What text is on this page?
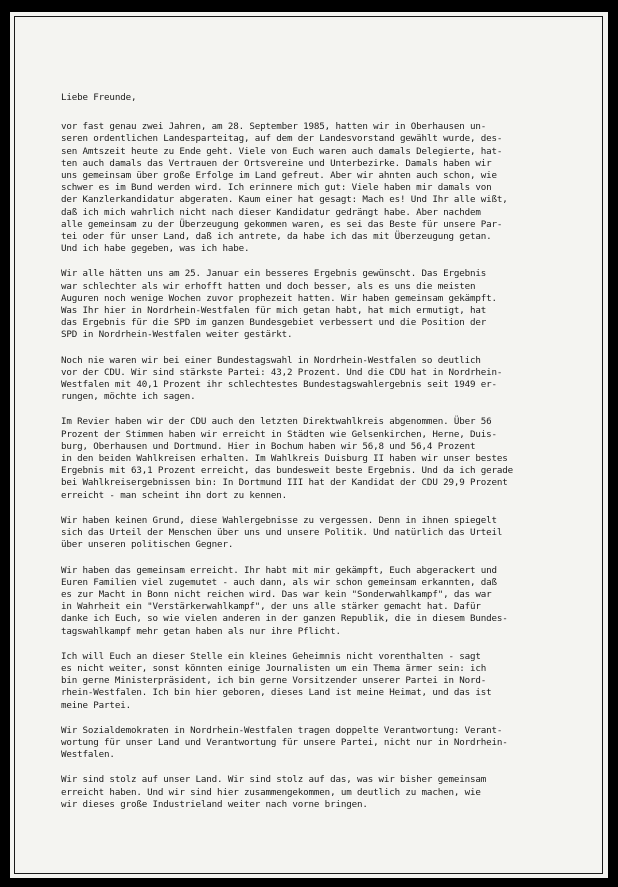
Liebe Freunde,
vor fast genau zwei Jahren, am 28. September 1985, hatten wir in Oberhausen un-
seren ordentlichen Landesparteitag, auf dem der Landesvorstand gewählt wurde, des-
sen Amtszeit heute zu Ende geht. Viele von Euch waren auch damals Delegierte, hat-
ten auch damals das Vertrauen der Ortsvereine und Unterbezirke. Damals haben wir
uns gemeinsam über große Erfolge im Land gefreut. Aber wir ahnten auch schon, wie
schwer es im Bund werden wird. Ich erinnere mich gut: Viele haben mir damals von
der Kanzlerkandidatur abgeraten. Kaum einer hat gesagt: Mach es! Und Ihr alle wißt,
daß ich mich wahrlich nicht nach dieser Kandidatur gedrängt habe. Aber nachdem
alle gemeinsam zu der Überzeugung gekommen waren, es sei das Beste für unsere Par-
tei oder für unser Land, daß ich antrete, da habe ich das mit Überzeugung getan.
Und ich habe gegeben, was ich habe.
Wir alle hätten uns am 25. Januar ein besseres Ergebnis gewünscht. Das Ergebnis
war schlechter als wir erhofft hatten und doch besser, als es uns die meisten
Auguren noch wenige Wochen zuvor prophezeit hatten. Wir haben gemeinsam gekämpft.
Was Ihr hier in Nordrhein-Westfalen für mich getan habt, hat mich ermutigt, hat
das Ergebnis für die SPD im ganzen Bundesgebiet verbessert und die Position der
SPD in Nordrhein-Westfalen weiter gestärkt.
Noch nie waren wir bei einer Bundestagswahl in Nordrhein-Westfalen so deutlich
vor der CDU. Wir sind stärkste Partei: 43,2 Prozent. Und die CDU hat in Nordrhein-
Westfalen mit 40,1 Prozent ihr schlechtestes Bundestagswahlergebnis seit 1949 er-
rungen, möchte ich sagen.
Im Revier haben wir der CDU auch den letzten Direktwahlkreis abgenommen. Über 56
Prozent der Stimmen haben wir erreicht in Städten wie Gelsenkirchen, Herne, Duis-
burg, Oberhausen und Dortmund. Hier in Bochum haben wir 56,8 und 56,4 Prozent
in den beiden Wahlkreisen erhalten. Im Wahlkreis Duisburg II haben wir unser bestes
Ergebnis mit 63,1 Prozent erreicht, das bundesweit beste Ergebnis. Und da ich gerade
bei Wahlkreisergebnissen bin: In Dortmund III hat der Kandidat der CDU 29,9 Prozent
erreicht - man scheint ihn dort zu kennen.
Wir haben keinen Grund, diese Wahlergebnisse zu vergessen. Denn in ihnen spiegelt
sich das Urteil der Menschen über uns und unsere Politik. Und natürlich das Urteil
über unseren politischen Gegner.
Wir haben das gemeinsam erreicht. Ihr habt mit mir gekämpft, Euch abgerackert und
Euren Familien viel zugemutet - auch dann, als wir schon gemeinsam erkannten, daß
es zur Macht in Bonn nicht reichen wird. Das war kein "Sonderwahlkampf", das war
in Wahrheit ein "Verstärkerwahlkampf", der uns alle stärker gemacht hat. Dafür
danke ich Euch, so wie vielen anderen in der ganzen Republik, die in diesem Bundes-
tagswahlkampf mehr getan haben als nur ihre Pflicht.
Ich will Euch an dieser Stelle ein kleines Geheimnis nicht vorenthalten - sagt
es nicht weiter, sonst könnten einige Journalisten um ein Thema ärmer sein: ich
bin gerne Ministerpräsident, ich bin gerne Vorsitzender unserer Partei in Nord-
rhein-Westfalen. Ich bin hier geboren, dieses Land ist meine Heimat, und das ist
meine Partei.
Wir Sozialdemokraten in Nordrhein-Westfalen tragen doppelte Verantwortung: Verant-
wortung für unser Land und Verantwortung für unsere Partei, nicht nur in Nordrhein-
Westfalen.
Wir sind stolz auf unser Land. Wir sind stolz auf das, was wir bisher gemeinsam
erreicht haben. Und wir sind hier zusammengekommen, um deutlich zu machen, wie
wir dieses große Industrieland weiter nach vorne bringen.
